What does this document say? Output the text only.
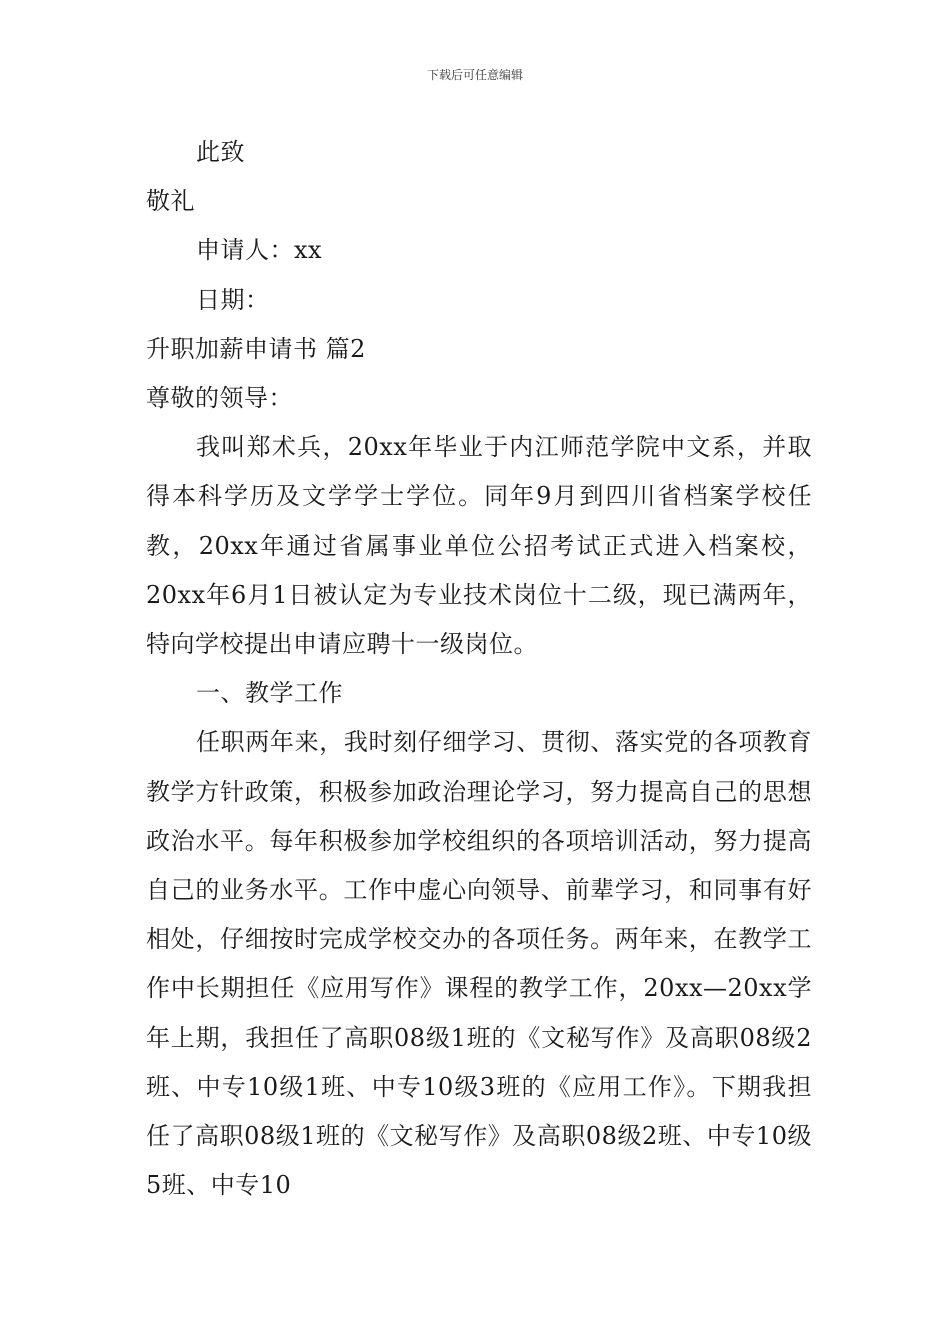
下载后可任意编辑
此致
敬礼
申请人：xx
日期：
升职加薪申请书 篇2
尊敬的领导：

我叫郑术兵，20xx年毕业于内江师范学院中文系，并取得本科学历及文学学士学位。同年9月到四川省档案学校任教，20xx年通过省属事业单位公招考试正式进入档案校，20xx年6月1日被认定为专业技术岗位十二级，现已满两年，特向学校提出申请应聘十一级岗位。

一、教学工作

任职两年来，我时刻仔细学习、贯彻、落实党的各项教育教学方针政策，积极参加政治理论学习，努力提高自己的思想政治水平。每年积极参加学校组织的各项培训活动，努力提高自己的业务水平。工作中虚心向领导、前辈学习，和同事有好相处，仔细按时完成学校交办的各项任务。两年来，在教学工作中长期担任《应用写作》课程的教学工作，20xx—20xx学年上期，我担任了高职08级1班的《文秘写作》及高职08级2班、中专10级1班、中专10级3班的《应用工作》。下期我担任了高职08级1班的《文秘写作》及高职08级2班、中专10级5班、中专10
